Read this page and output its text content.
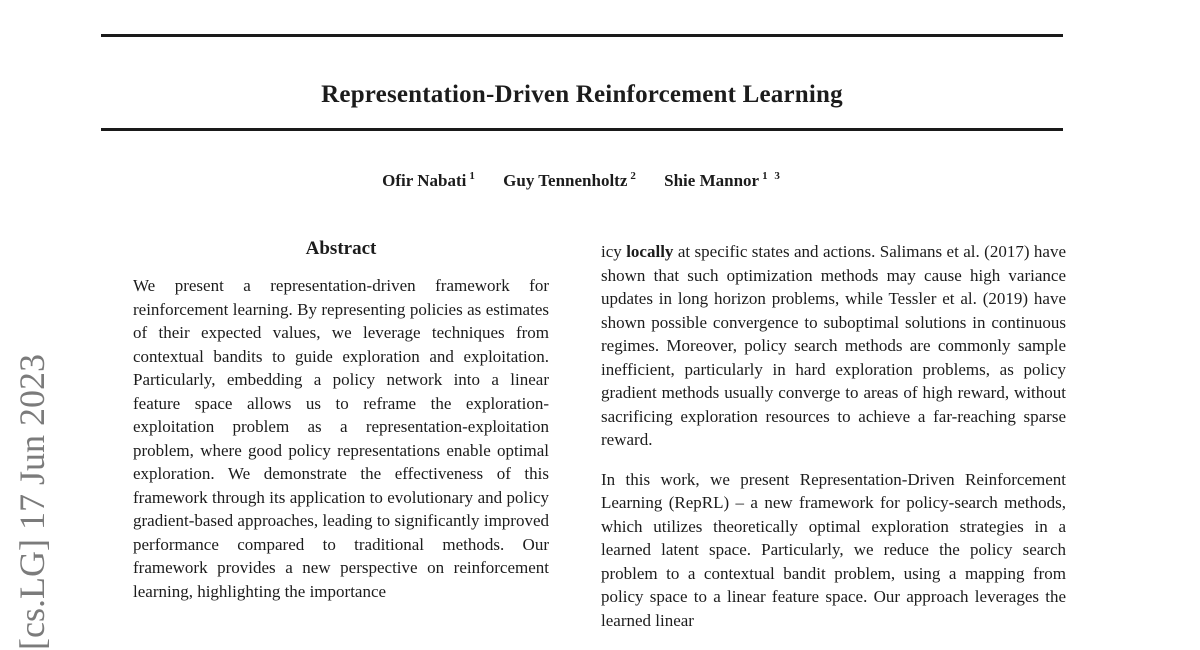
Representation-Driven Reinforcement Learning
Ofir Nabati $^1$ Guy Tennenholtz $^2$ Shie Mannor $^{1 3}$
Abstract
We present a representation-driven framework for reinforcement learning. By representing policies as estimates of their expected values, we leverage techniques from contextual bandits to guide exploration and exploitation. Particularly, embedding a policy network into a linear feature space allows us to reframe the exploration-exploitation problem as a representation-exploitation problem, where good policy representations enable optimal exploration. We demonstrate the effectiveness of this framework through its application to evolutionary and policy gradient-based approaches, leading to significantly improved performance compared to traditional methods. Our framework provides a new perspective on reinforcement learning, highlighting the importance

icy locally at specific states and actions. Salimans et al. (2017) have shown that such optimization methods may cause high variance updates in long horizon problems, while Tessler et al. (2019) have shown possible convergence to suboptimal solutions in continuous regimes. Moreover, policy search methods are commonly sample inefficient, particularly in hard exploration problems, as policy gradient methods usually converge to areas of high reward, without sacrificing exploration resources to achieve a far-reaching sparse reward.

In this work, we present Representation-Driven Reinforcement Learning (RepRL) – a new framework for policy-search methods, which utilizes theoretically optimal exploration strategies in a learned latent space. Particularly, we reduce the policy search problem to a contextual bandit problem, using a mapping from policy space to a linear feature space. Our approach leverages the learned linear

[cs.LG] 17 Jun 2023
